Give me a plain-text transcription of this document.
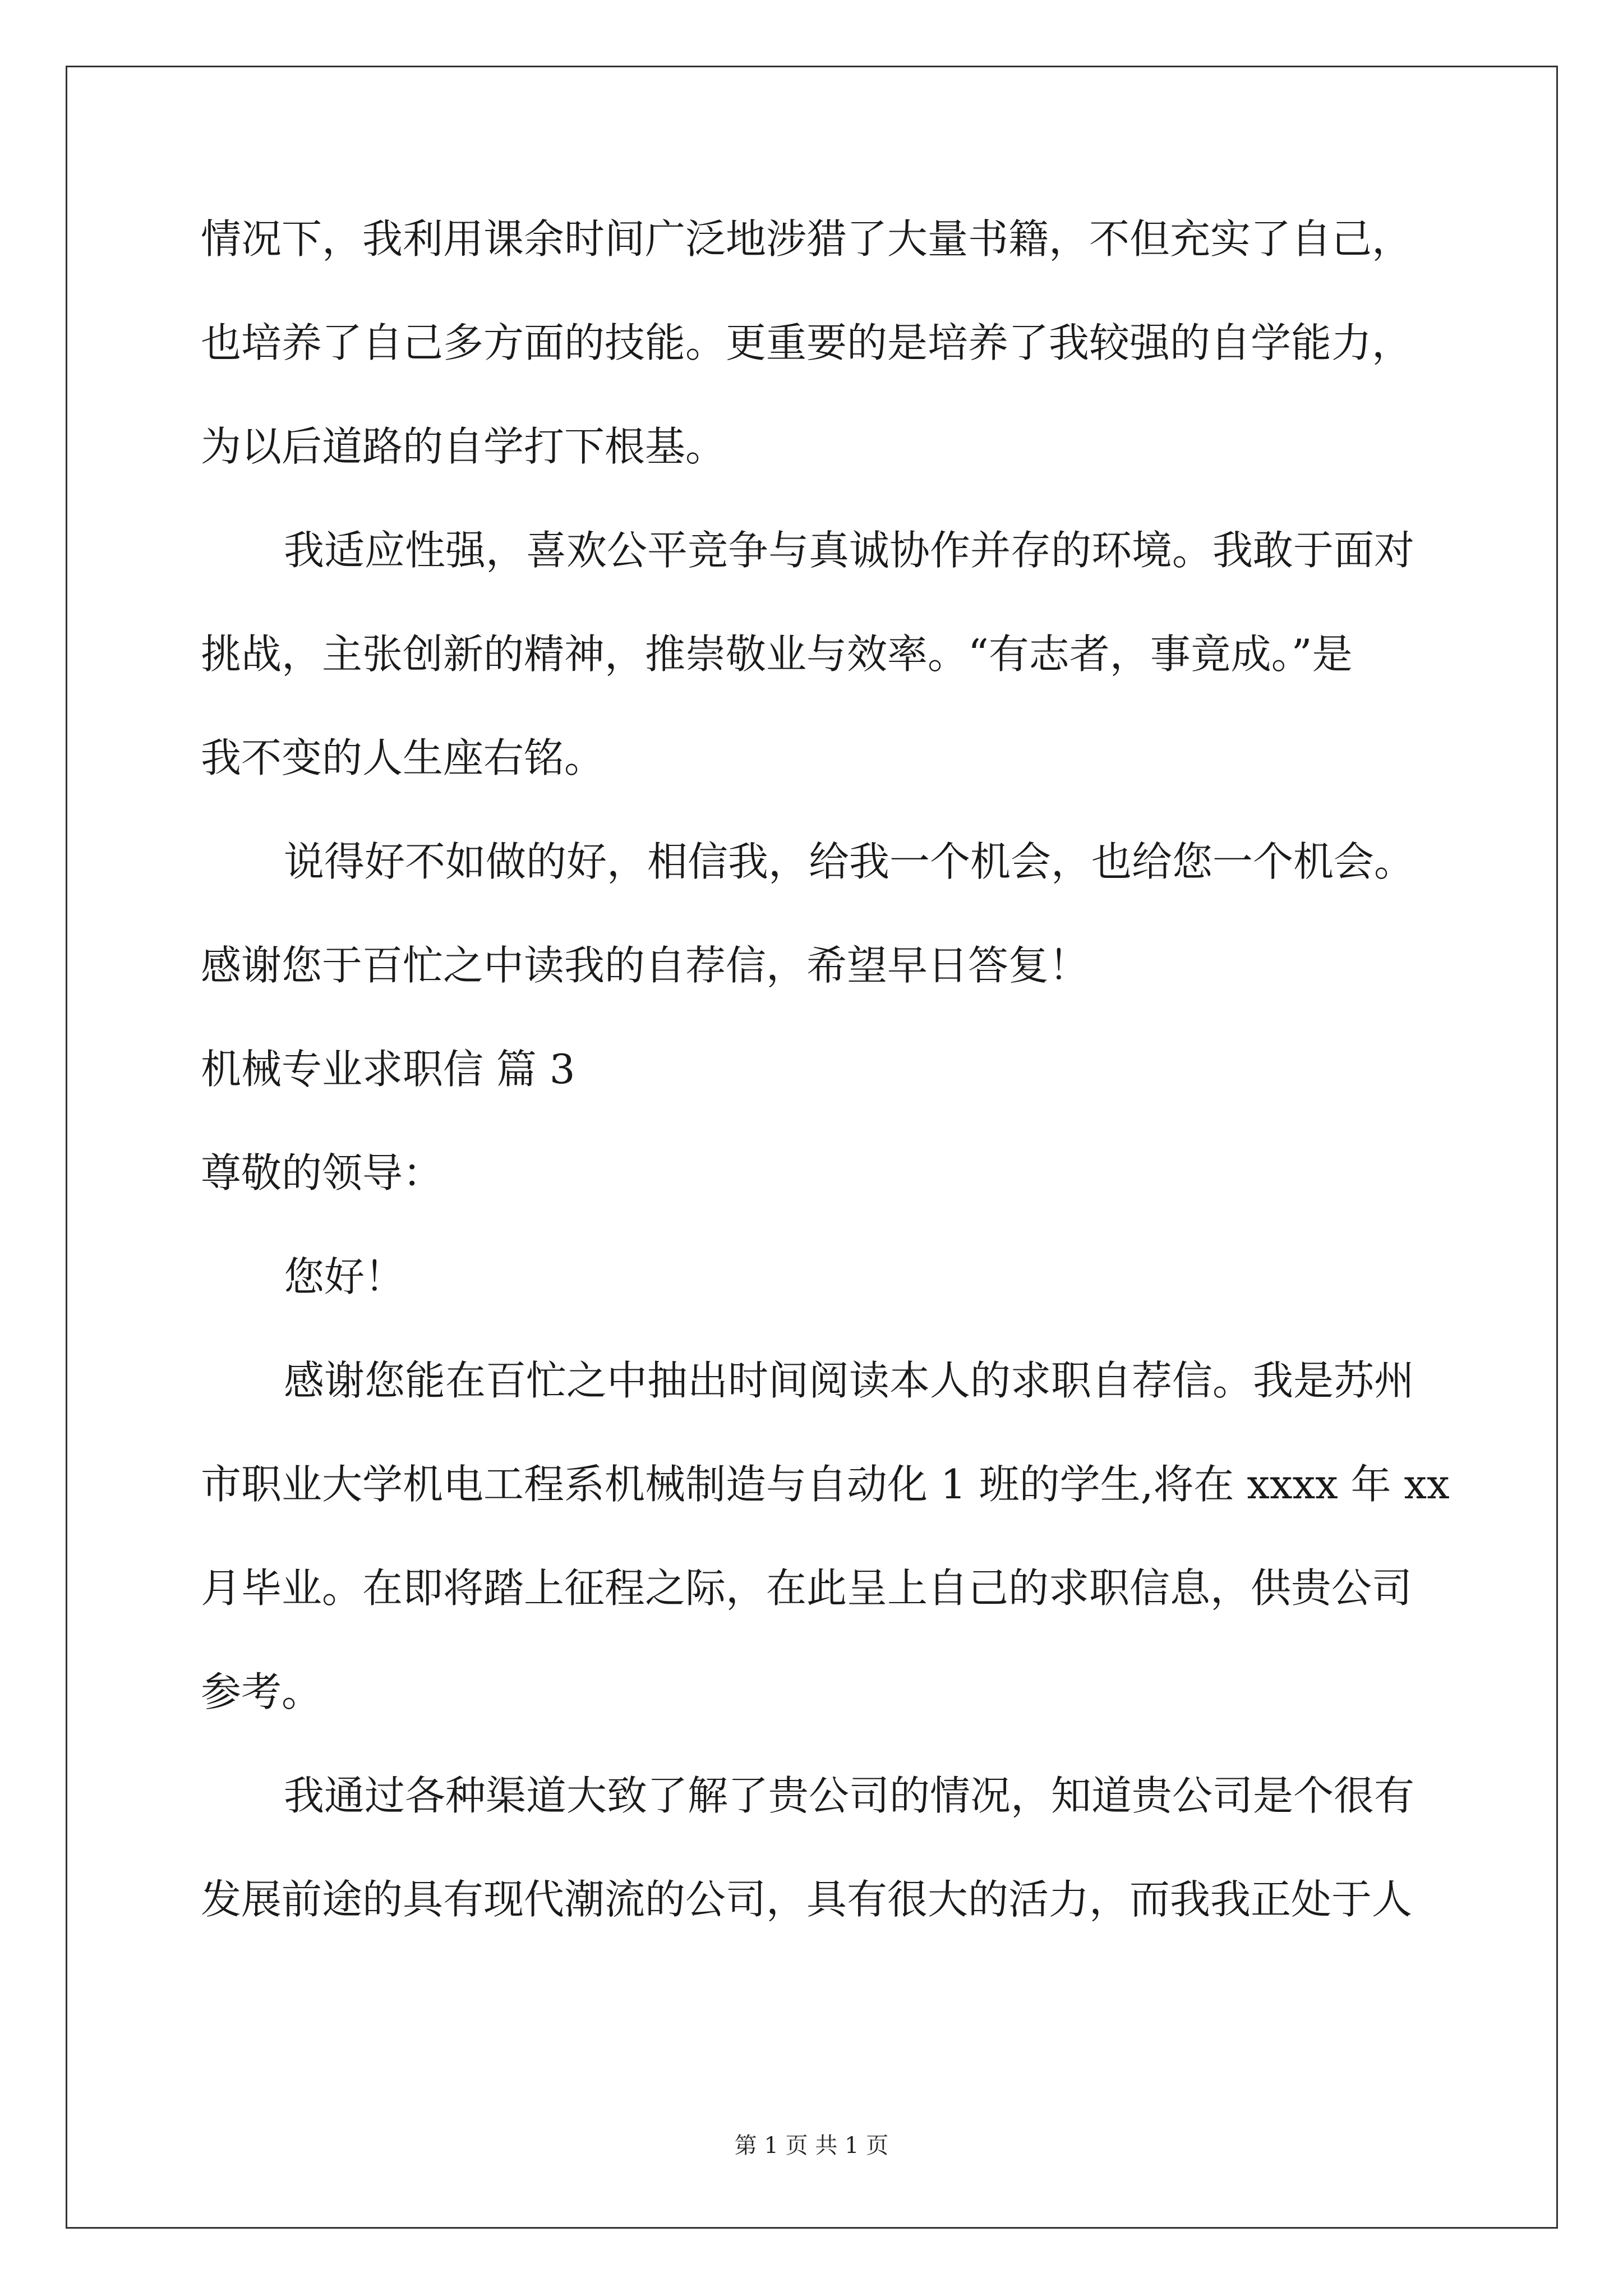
情况下，我利用课余时间广泛地涉猎了大量书籍，不但充实了自己，
也培养了自己多方面的技能。更重要的是培养了我较强的自学能力，
为以后道路的自学打下根基。
我适应性强，喜欢公平竞争与真诚协作并存的环境。我敢于面对
挑战，主张创新的精神，推崇敬业与效率。“有志者，事竟成。”是
我不变的人生座右铭。
说得好不如做的好，相信我，给我一个机会，也给您一个机会。
感谢您于百忙之中读我的自荐信，希望早日答复！
机械专业求职信 篇 3
尊敬的领导：
您好！
感谢您能在百忙之中抽出时间阅读本人的求职自荐信。我是苏州
市职业大学机电工程系机械制造与自动化 1 班的学生,将在 xxxx 年 xx
月毕业。在即将踏上征程之际，在此呈上自己的求职信息，供贵公司
参考。
我通过各种渠道大致了解了贵公司的情况，知道贵公司是个很有
发展前途的具有现代潮流的公司，具有很大的活力，而我我正处于人
第 1 页 共 1 页
